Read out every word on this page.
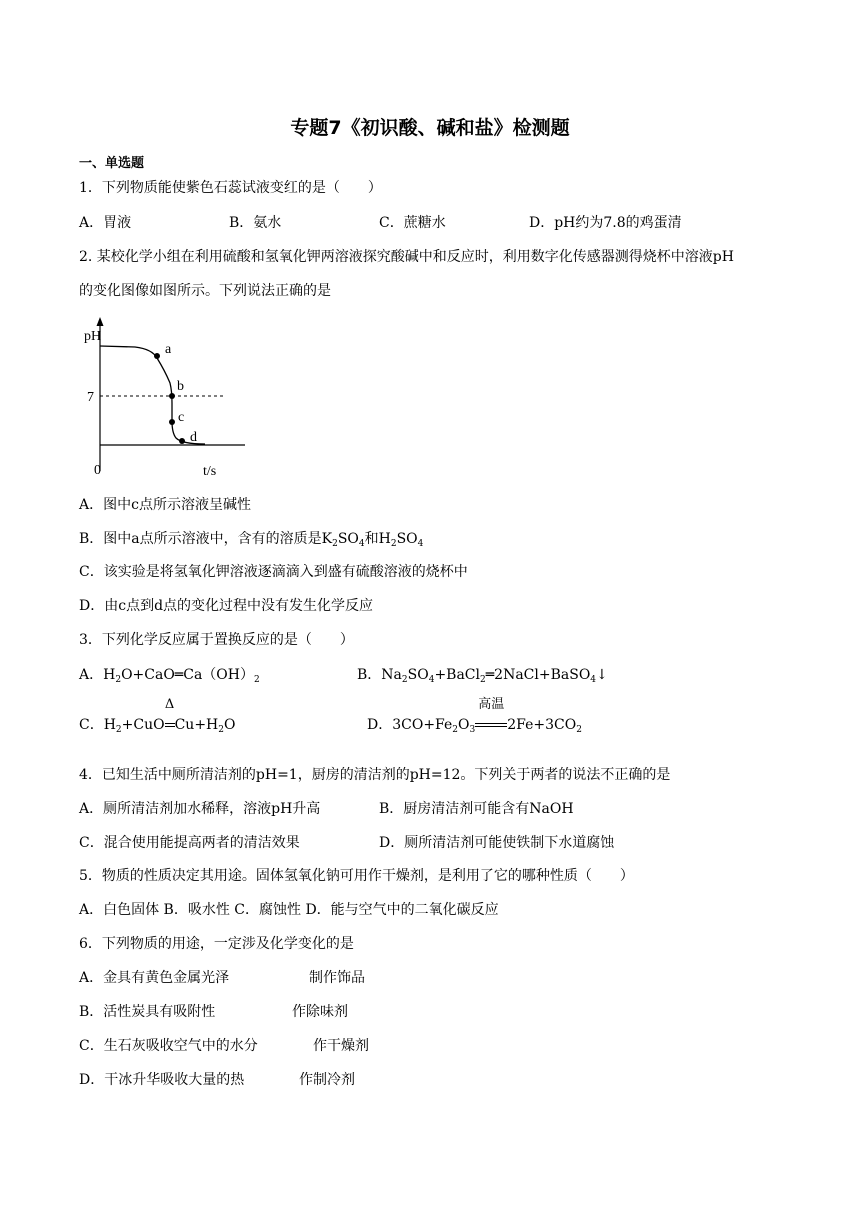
专题7《初识酸、碱和盐》检测题
一、单选题
1．下列物质能使紫色石蕊试液变红的是（　　）
A．胃液	B．氨水	C．蔗糖水	D．pH约为7.8的鸡蛋清
2. 某校化学小组在利用硫酸和氢氧化钾两溶液探究酸碱中和反应时，利用数字化传感器测得烧杯中溶液pH
的变化图像如图所示。下列说法正确的是
pH
t/s
0
7
a
b
c
d
A．图中c点所示溶液呈碱性
B．图中a点所示溶液中，含有的溶质是$K_2SO_4$和$H_2SO_4$
C．该实验是将氢氧化钾溶液逐滴滴入到盛有硫酸溶液的烧杯中
D．由c点到d点的变化过程中没有发生化学反应
3．下列化学反应属于置换反应的是（　　）
A．$H_2O+CaO═Ca(OH)_2$	B．$Na_2SO_4+BaCl_2═2NaCl+BaSO_4↓$
C．$H_2+CuO$
Δ
$Cu+H_2O$	D．$3CO+Fe_2O_3$
高温
$2Fe+3CO_2$
4．已知生活中厕所清洁剂的pH=1，厨房的清洁剂的pH=12。下列关于两者的说法不正确的是
A．厕所清洁剂加水稀释，溶液pH升高	B．厨房清洁剂可能含有NaOH
C．混合使用能提高两者的清洁效果	D．厕所清洁剂可能使铁制下水道腐蚀
5．物质的性质决定其用途。固体氢氧化钠可用作干燥剂，是利用了它的哪种性质（　　）
A．白色固体 B．吸水性 C．腐蚀性 D．能与空气中的二氧化碳反应
6．下列物质的用途，一定涉及化学变化的是
A．金具有黄色金属光泽	制作饰品
B．活性炭具有吸附性	作除味剂
C．生石灰吸收空气中的水分	作干燥剂
D．干冰升华吸收大量的热	作制冷剂
